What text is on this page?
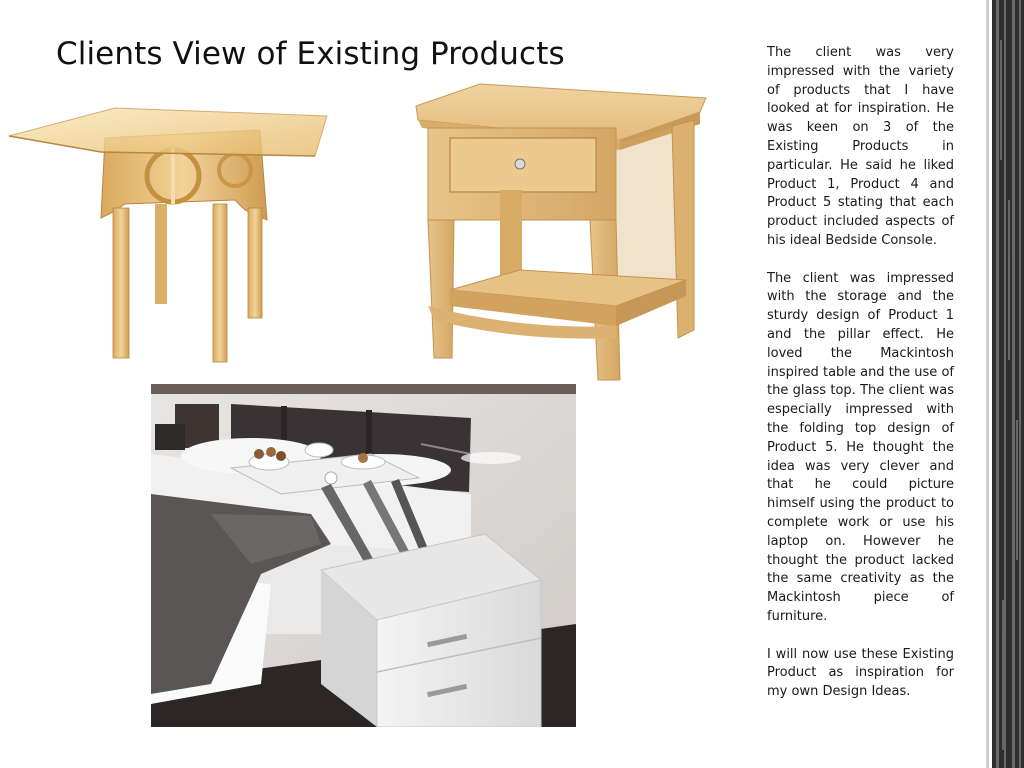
Clients View of Existing Products	The client was very impressed with the variety of products that I have looked at for inspiration. He was keen on 3 of the Existing Products in particular. He said he liked Product 1, Product 4 and Product 5 stating that each product included aspects of his ideal Bedside Console.

The client was impressed with the storage and the sturdy design of Product 1 and the pillar effect. He loved the Mackintosh inspired table and the use of the glass top. The client was especially impressed with the folding top design of Product 5. He thought the idea was very clever and that he could picture himself using the product to complete work or use his laptop on. However he thought the product lacked the same creativity as the Mackintosh piece of furniture.

I will now use these Existing Product as inspiration for my own Design Ideas.
